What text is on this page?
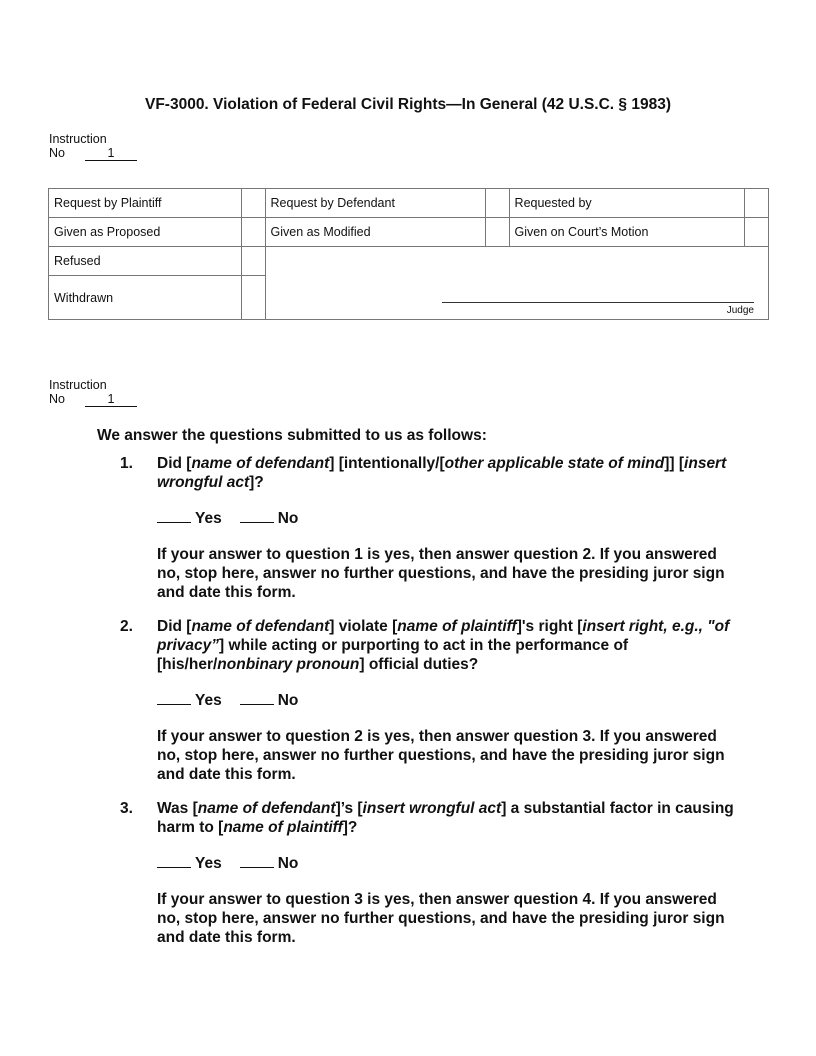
VF-3000. Violation of Federal Civil Rights—In General (42 U.S.C. § 1983)
Instruction
No	1
Request by Plaintiff		Request by Defendant		Requested by	
Given as Proposed		Given as Modified		Given on Court’s Motion	
Refused		Judge			

Withdrawn					
Instruction
No	1
We answer the questions submitted to us as follows:
1. Did [name of defendant] [intentionally/[other applicable state of mind]] [insert wrongful act]?
Yes	No
If your answer to question 1 is yes, then answer question 2. If you answered no, stop here, answer no further questions, and have the presiding juror sign and date this form.
2. Did [name of defendant] violate [name of plaintiff]'s right [insert right, e.g., "of privacy”] while acting or purporting to act in the performance of [his/her/nonbinary pronoun] official duties?
Yes	No
If your answer to question 2 is yes, then answer question 3. If you answered no, stop here, answer no further questions, and have the presiding juror sign and date this form.
3. Was [name of defendant]’s [insert wrongful act] a substantial factor in causing harm to [name of plaintiff]?
Yes	No
If your answer to question 3 is yes, then answer question 4. If you answered no, stop here, answer no further questions, and have the presiding juror sign and date this form.
